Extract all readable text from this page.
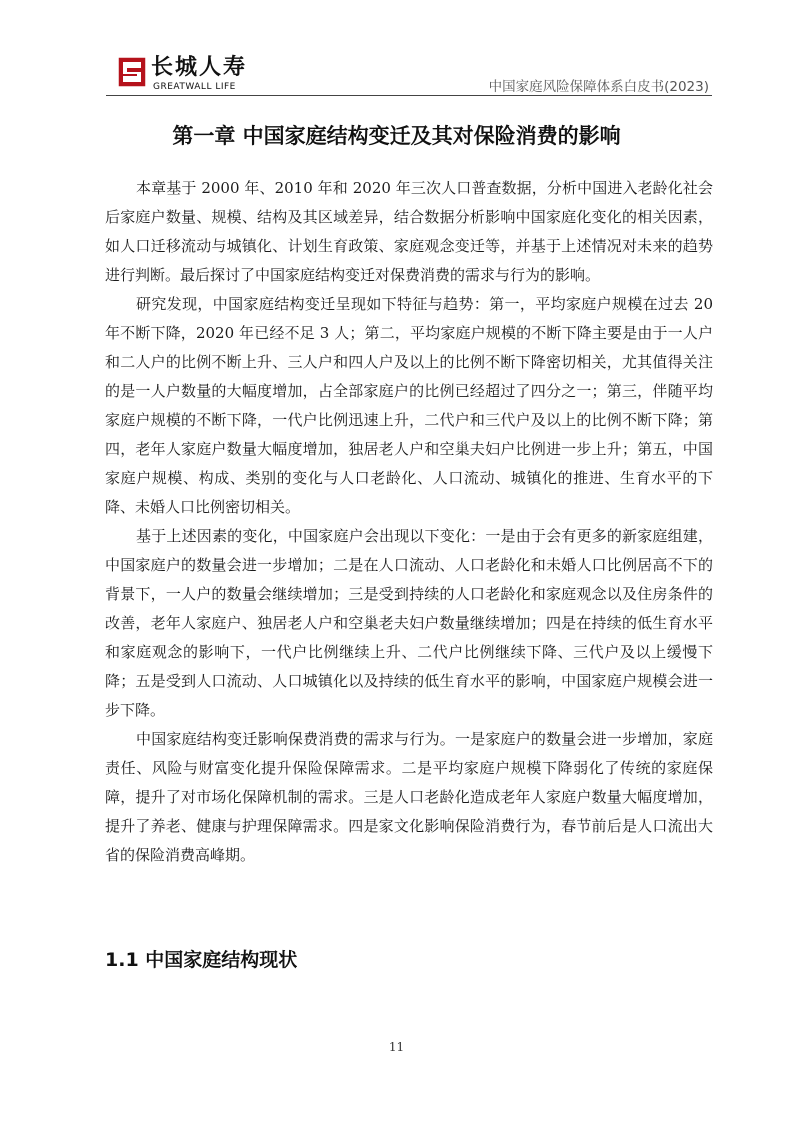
长城人寿
GREATWALL LIFE	中国家庭风险保障体系白皮书(2023)
第一章 中国家庭结构变迁及其对保险消费的影响

本章基于 2000 年、2010 年和 2020 年三次人口普查数据，分析中国进入老龄化社会后家庭户数量、规模、结构及其区域差异，结合数据分析影响中国家庭化变化的相关因素，如人口迁移流动与城镇化、计划生育政策、家庭观念变迁等，并基于上述情况对未来的趋势进行判断。最后探讨了中国家庭结构变迁对保费消费的需求与行为的影响。

研究发现，中国家庭结构变迁呈现如下特征与趋势：第一，平均家庭户规模在过去 20 年不断下降，2020 年已经不足 3 人；第二，平均家庭户规模的不断下降主要是由于一人户和二人户的比例不断上升、三人户和四人户及以上的比例不断下降密切相关，尤其值得关注的是一人户数量的大幅度增加，占全部家庭户的比例已经超过了四分之一；第三，伴随平均家庭户规模的不断下降，一代户比例迅速上升，二代户和三代户及以上的比例不断下降；第四，老年人家庭户数量大幅度增加，独居老人户和空巢夫妇户比例进一步上升；第五，中国家庭户规模、构成、类别的变化与人口老龄化、人口流动、城镇化的推进、生育水平的下降、未婚人口比例密切相关。

基于上述因素的变化，中国家庭户会出现以下变化：一是由于会有更多的新家庭组建，中国家庭户的数量会进一步增加；二是在人口流动、人口老龄化和未婚人口比例居高不下的背景下，一人户的数量会继续增加；三是受到持续的人口老龄化和家庭观念以及住房条件的改善，老年人家庭户、独居老人户和空巢老夫妇户数量继续增加；四是在持续的低生育水平和家庭观念的影响下，一代户比例继续上升、二代户比例继续下降、三代户及以上缓慢下降；五是受到人口流动、人口城镇化以及持续的低生育水平的影响，中国家庭户规模会进一步下降。

中国家庭结构变迁影响保费消费的需求与行为。一是家庭户的数量会进一步增加，家庭责任、风险与财富变化提升保险保障需求。二是平均家庭户规模下降弱化了传统的家庭保障，提升了对市场化保障机制的需求。三是人口老龄化造成老年人家庭户数量大幅度增加，提升了养老、健康与护理保障需求。四是家文化影响保险消费行为，春节前后是人口流出大省的保险消费高峰期。

1.1 中国家庭结构现状
11
